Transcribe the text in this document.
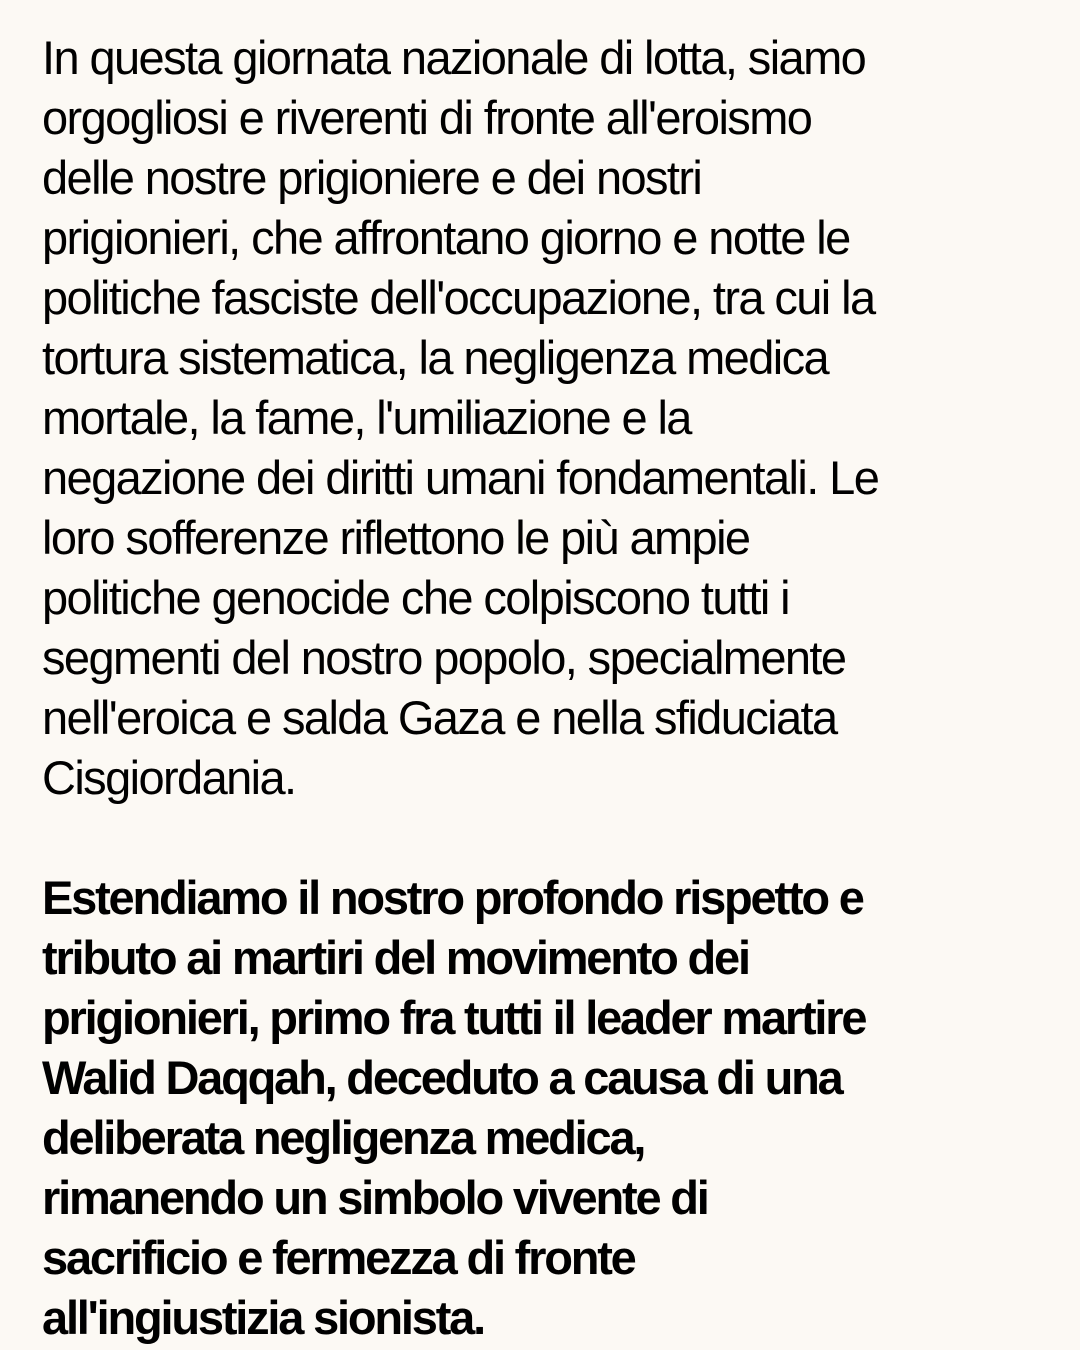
In questa giornata nazionale di lotta, siamo
orgogliosi e riverenti di fronte all'eroismo
delle nostre prigioniere e dei nostri
prigionieri, che affrontano giorno e notte le
politiche fasciste dell'occupazione, tra cui la
tortura sistematica, la negligenza medica
mortale, la fame, l'umiliazione e la
negazione dei diritti umani fondamentali. Le
loro sofferenze riflettono le più ampie
politiche genocide che colpiscono tutti i
segmenti del nostro popolo, specialmente
nell'eroica e salda Gaza e nella sfiduciata
Cisgiordania.
Estendiamo il nostro profondo rispetto e
tributo ai martiri del movimento dei
prigionieri, primo fra tutti il leader martire
Walid Daqqah, deceduto a causa di una
deliberata negligenza medica,
rimanendo un simbolo vivente di
sacrificio e fermezza di fronte
all'ingiustizia sionista.
